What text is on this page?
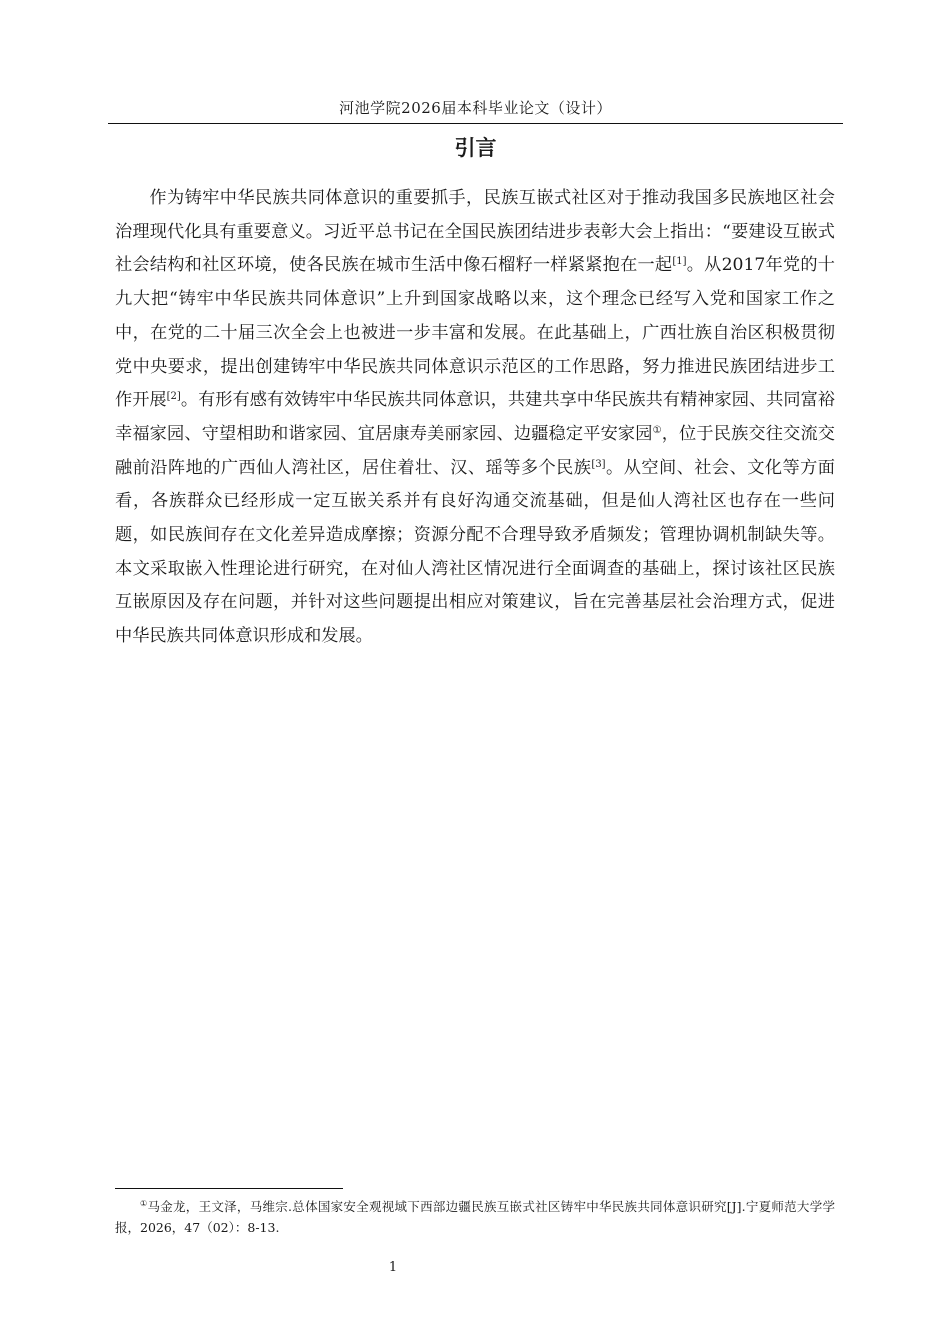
河池学院2026届本科毕业论文（设计）
引言

作为铸牢中华民族共同体意识的重要抓手，民族互嵌式社区对于推动我国多民族地区社会治理现代化具有重要意义。习近平总书记在全国民族团结进步表彰大会上指出：“要建设互嵌式社会结构和社区环境，使各民族在城市生活中像石榴籽一样紧紧抱在一起[1]。从2017年党的十九大把“铸牢中华民族共同体意识”上升到国家战略以来，这个理念已经写入党和国家工作之中，在党的二十届三次全会上也被进一步丰富和发展。在此基础上，广西壮族自治区积极贯彻党中央要求，提出创建铸牢中华民族共同体意识示范区的工作思路，努力推进民族团结进步工作开展[2]。有形有感有效铸牢中华民族共同体意识，共建共享中华民族共有精神家园、共同富裕幸福家园、守望相助和谐家园、宜居康寿美丽家园、边疆稳定平安家园①，位于民族交往交流交融前沿阵地的广西仙人湾社区，居住着壮、汉、瑶等多个民族[3]。从空间、社会、文化等方面看，各族群众已经形成一定互嵌关系并有良好沟通交流基础，但是仙人湾社区也存在一些问题，如民族间存在文化差异造成摩擦；资源分配不合理导致矛盾频发；管理协调机制缺失等。本文采取嵌入性理论进行研究，在对仙人湾社区情况进行全面调查的基础上，探讨该社区民族互嵌原因及存在问题，并针对这些问题提出相应对策建议，旨在完善基层社会治理方式，促进中华民族共同体意识形成和发展。

①马金龙，王文泽，马维宗.总体国家安全观视域下西部边疆民族互嵌式社区铸牢中华民族共同体意识研究[J].宁夏师范大学学报，2026，47（02）：8-13.

1
